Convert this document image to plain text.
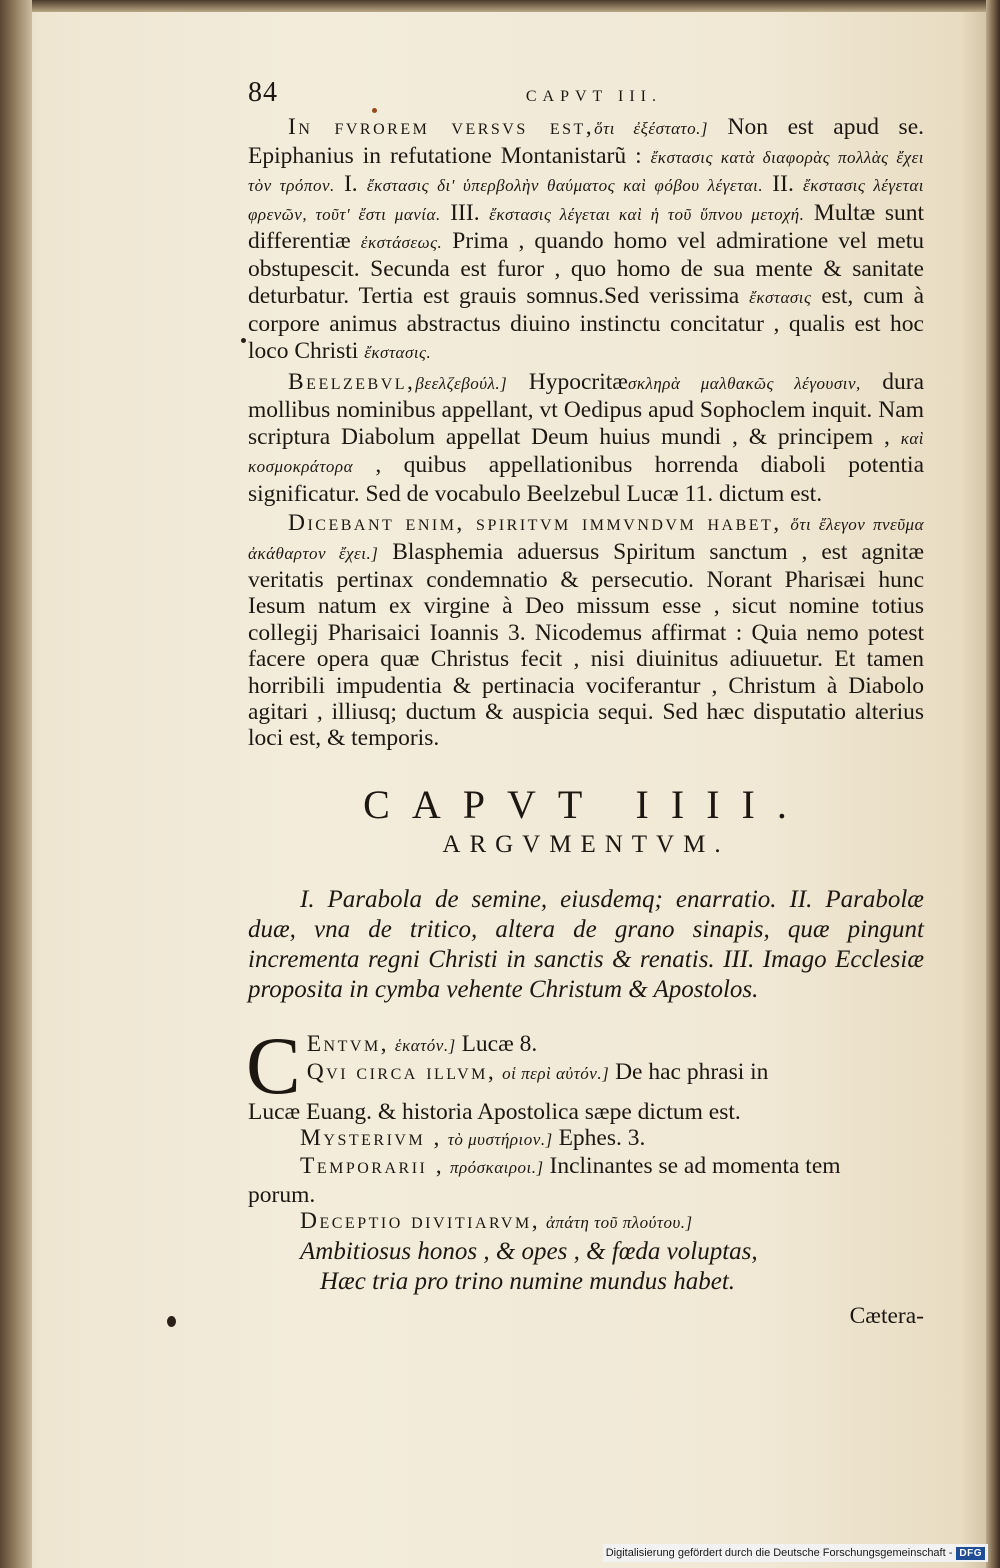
84	CAPVT III.

In fvrorem versvs est,ὅτι ἐξέστατο.] Non est apud se. Epiphanius in refutatione Montanistarũ : ἔκστασις κατὰ διαφορὰς πολλὰς ἔχει τὸν τρόπον. I. ἔκστασις δι' ὑπερβολὴν θαύματος καὶ φόβου λέγεται. II. ἔκστασις λέγεται φρενῶν, τοῦτ' ἔστι μανία. III. ἔκστασις λέγεται καὶ ἡ τοῦ ὕπνου μετοχή. Multæ sunt differentiæ ἐκστάσεως. Prima , quando homo vel admiratione vel metu obstupescit. Secunda est furor , quo homo de sua mente & sanitate deturbatur. Tertia est grauis somnus.Sed verissima ἔκστασις est, cum à corpore animus abstractus diuino instinctu concitatur , qualis est hoc loco Christi ἔκστασις.

Beelzebvl,βεελζεβούλ.] Hypocritæσκληρὰ μαλθακῶς λέγουσιν, dura mollibus nominibus appellant, vt Oedipus apud Sophoclem inquit. Nam scriptura Diabolum appellat Deum huius mundi , & principem , καὶ κοσμοκράτορα , quibus appellationibus horrenda diaboli potentia significatur. Sed de vocabulo Beelzebul Lucæ 11. dictum est.

Dicebant enim, spiritvm immvndvm habet, ὅτι ἔλεγον πνεῦμα ἀκάθαρτον ἔχει.] Blasphemia aduersus Spiritum sanctum , est agnitæ veritatis pertinax condemnatio & persecutio. Norant Pharisæi hunc Iesum natum ex virgine à Deo missum esse , sicut nomine totius collegij Pharisaici Ioannis 3. Nicodemus affirmat : Quia nemo potest facere opera quæ Christus fecit , nisi diuinitus adiuuetur. Et tamen horribili impudentia & pertinacia vociferantur , Christum à Diabolo agitari , illiusq; ductum & auspicia sequi. Sed hæc disputatio alterius loci est, & temporis.

CAPVT IIII.
ARGVMENTVM.

I. Parabola de semine, eiusdemq; enarratio. II. Parabolæ duæ, vna de tritico, altera de grano sinapis, quæ pingunt incrementa regni Christi in sanctis & renatis. III. Imago Ecclesiæ proposita in cymba vehente Christum & Apostolos.

C Entvm, ἑκατόν.] Lucæ 8.

Qvi circa illvm, οἱ περὶ αὐτόν.] De hac phrasi in

Lucæ Euang. & historia Apostolica sæpe dictum est.

Mysterivm , τὸ μυστήριον.] Ephes. 3.

Temporarii , πρόσκαιροι.] Inclinantes se ad momenta tem

porum.

Deceptio divitiarvm, ἀπάτη τοῦ πλούτου.]

Ambitiosus honos , & opes , & fœda voluptas,

Hæc tria pro trino numine mundus habet.

Cætera-
Digitalisierung gefördert durch die Deutsche Forschungsgemeinschaft - DFG
